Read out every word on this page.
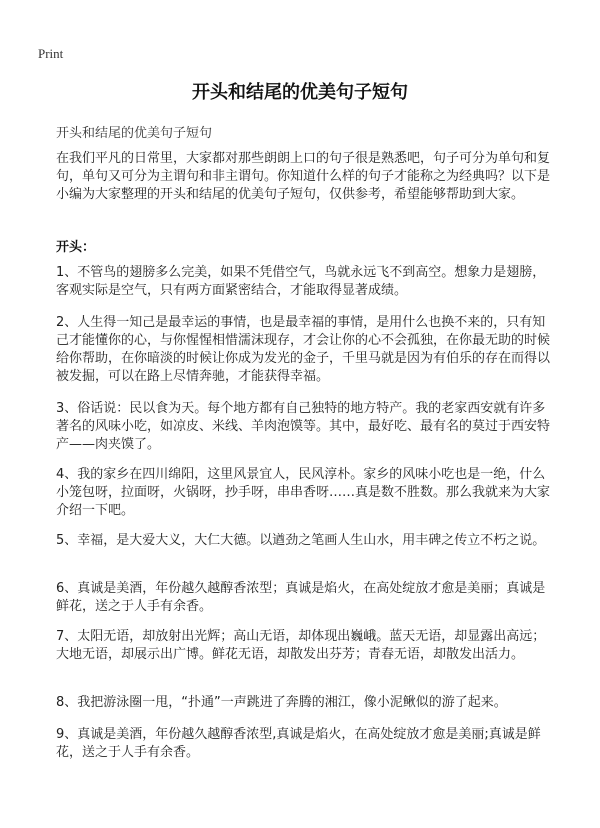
Print
开头和结尾的优美句子短句

开头和结尾的优美句子短句

在我们平凡的日常里，大家都对那些朗朗上口的句子很是熟悉吧，句子可分为单句和复句，单句又可分为主谓句和非主谓句。你知道什么样的句子才能称之为经典吗？以下是小编为大家整理的开头和结尾的优美句子短句，仅供参考，希望能够帮助到大家。

开头：

1、不管鸟的翅膀多么完美，如果不凭借空气，鸟就永远飞不到高空。想象力是翅膀，客观实际是空气，只有两方面紧密结合，才能取得显著成绩。

2、人生得一知己是最幸运的事情，也是最幸福的事情，是用什么也换不来的，只有知己才能懂你的心，与你惺惺相惜濡沫现存，才会让你的心不会孤独，在你最无助的时候给你帮助，在你暗淡的时候让你成为发光的金子，千里马就是因为有伯乐的存在而得以被发掘，可以在路上尽情奔驰，才能获得幸福。

3、俗话说：民以食为天。每个地方都有自己独特的地方特产。我的老家西安就有许多著名的风味小吃，如凉皮、米线、羊肉泡馍等。其中，最好吃、最有名的莫过于西安特产——肉夹馍了。

4、我的家乡在四川绵阳，这里风景宜人，民风淳朴。家乡的风味小吃也是一绝，什么小笼包呀，拉面呀，火锅呀，抄手呀，串串香呀……真是数不胜数。那么我就来为大家介绍一下吧。

5、幸福，是大爱大义，大仁大德。以遒劲之笔画人生山水，用丰碑之传立不朽之说。

6、真诚是美酒，年份越久越醇香浓型；真诚是焰火，在高处绽放才愈是美丽；真诚是鲜花，送之于人手有余香。

7、太阳无语，却放射出光辉；高山无语，却体现出巍峨。蓝天无语，却显露出高远；大地无语，却展示出广博。鲜花无语，却散发出芬芳；青春无语，却散发出活力。

8、我把游泳圈一甩，“扑通”一声跳进了奔腾的湘江，像小泥鳅似的游了起来。

9、真诚是美酒，年份越久越醇香浓型,真诚是焰火，在高处绽放才愈是美丽;真诚是鲜花，送之于人手有余香。
